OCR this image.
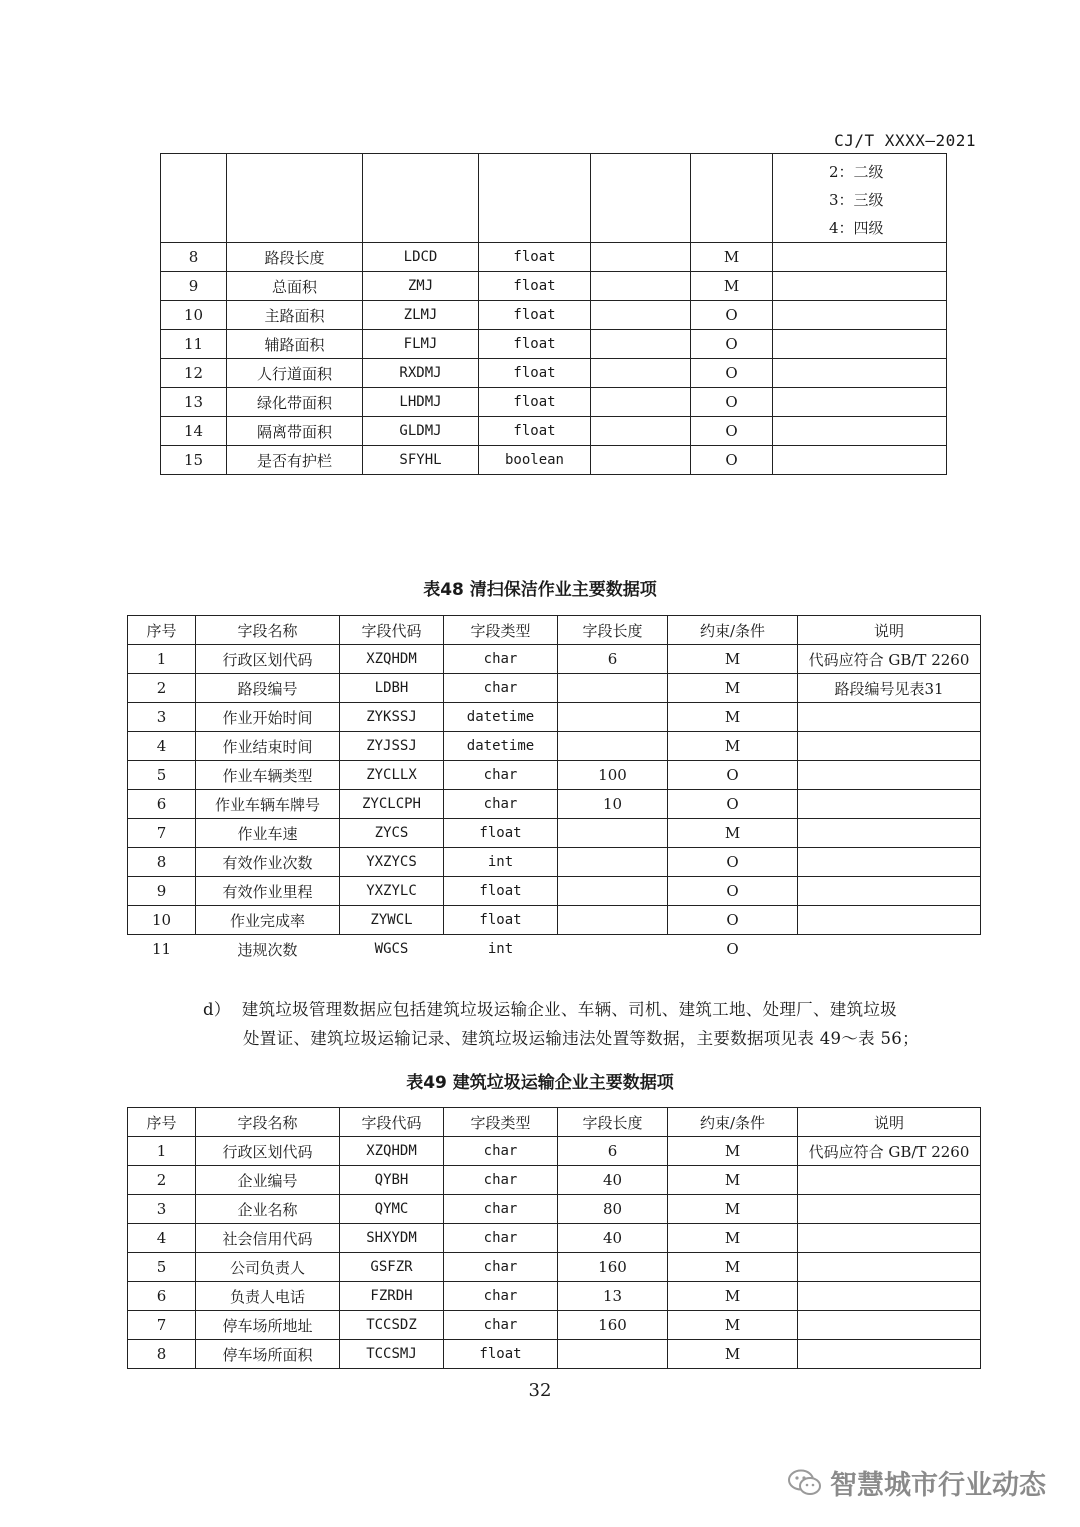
CJ/T XXXX—2021

						2：二级
3：三级
4：四级

8	路段长度	LDCD	float		M	
9	总面积	ZMJ	float		M	
10	主路面积	ZLMJ	float		O	
11	辅路面积	FLMJ	float		O	
12	人行道面积	RXDMJ	float		O	
13	绿化带面积	LHDMJ	float		O	
14	隔离带面积	GLDMJ	float		O	
15	是否有护栏	SFYHL	boolean		O	
表48 清扫保洁作业主要数据项
序号	字段名称	字段代码	字段类型	字段长度	约束/条件	说明
1	行政区划代码	XZQHDM	char	6	M	代码应符合 GB/T 2260
2	路段编号	LDBH	char		M	路段编号见表31
3	作业开始时间	ZYKSSJ	datetime		M	
4	作业结束时间	ZYJSSJ	datetime		M	
5	作业车辆类型	ZYCLLX	char	100	O	
6	作业车辆车牌号	ZYCLCPH	char	10	O	
7	作业车速	ZYCS	float		M	
8	有效作业次数	YXZYCS	int		O	
9	有效作业里程	YXZYLC	float		O	
10	作业完成率	ZYWCL	float		O	
11	违规次数	WGCS	int		O	
d） 建筑垃圾管理数据应包括建筑垃圾运输企业、车辆、司机、建筑工地、处理厂、建筑垃圾
处置证、建筑垃圾运输记录、建筑垃圾运输违法处置等数据，主要数据项见表 49～表 56；
表49 建筑垃圾运输企业主要数据项
序号	字段名称	字段代码	字段类型	字段长度	约束/条件	说明
1	行政区划代码	XZQHDM	char	6	M	代码应符合 GB/T 2260
2	企业编号	QYBH	char	40	M	
3	企业名称	QYMC	char	80	M	
4	社会信用代码	SHXYDM	char	40	M	
5	公司负责人	GSFZR	char	160	M	
6	负责人电话	FZRDH	char	13	M	
7	停车场所地址	TCCSDZ	char	160	M	
8	停车场所面积	TCCSMJ	float		M	
32
智慧城市行业动态
